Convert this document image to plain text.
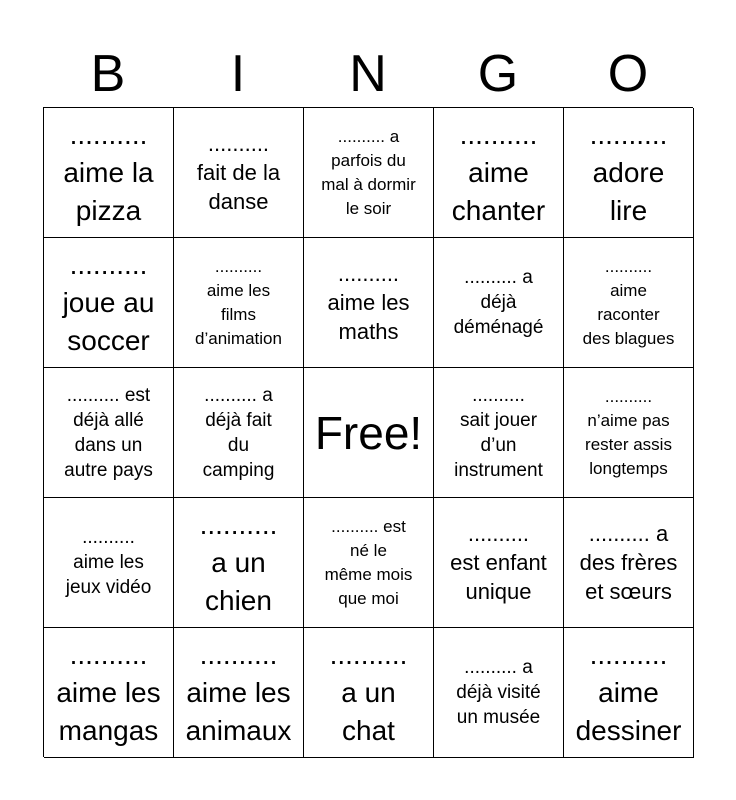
B	I	N	G	O
..........
aime la
pizza
..........
fait de la
danse
.......... a
parfois du
mal à dormir
le soir
..........
aime
chanter
..........
adore
lire
..........
joue au
soccer
..........
aime les
films
d’animation
..........
aime les
maths
.......... a
déjà
déménagé
..........
aime
raconter
des blagues
.......... est
déjà allé
dans un
autre pays
.......... a
déjà fait
du
camping
Free!
..........
sait jouer
d’un
instrument
..........
n’aime pas
rester assis
longtemps
..........
aime les
jeux vidéo
..........
a un
chien
.......... est
né le
même mois
que moi
..........
est enfant
unique
.......... a
des frères
et sœurs
..........
aime les
mangas
..........
aime les
animaux
..........
a un
chat
.......... a
déjà visité
un musée
..........
aime
dessiner
